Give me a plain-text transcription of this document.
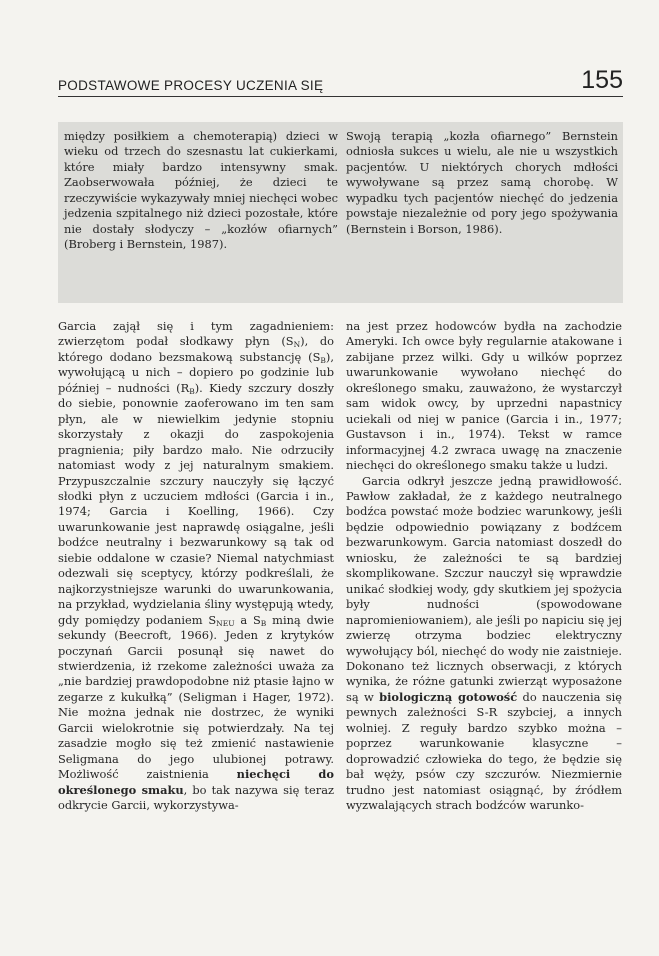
PODSTAWOWE PROCESY UCZENIA SIĘ	155

między posiłkiem a chemoterapią) dzieci w wieku od trzech do szesnastu lat cukierkami, które miały bardzo intensywny smak. Zaobserwowała później, że dzieci te rzeczywiście wykazywały mniej niechęci wobec jedzenia szpitalnego niż dzieci pozostałe, które nie dostały słodyczy – „kozłów ofiarnych” (Broberg i Bernstein, 1987).

Swoją terapią „kozła ofiarnego” Bernstein odniosła sukces u wielu, ale nie u wszystkich pacjentów. U niektórych chorych mdłości wywoływane są przez samą chorobę. W wypadku tych pacjentów niechęć do jedzenia powstaje niezależnie od pory jego spożywania (Bernstein i Borson, 1986).

Garcia zajął się i tym zagadnieniem: zwierzętom podał słodkawy płyn $(S_N)$, do którego dodano bezsmakową substancję $(S_B)$, wywołującą u nich – dopiero po godzinie lub później – nudności $(R_B)$. Kiedy szczury doszły do siebie, ponownie zaoferowano im ten sam płyn, ale w niewielkim jedynie stopniu skorzystały z okazji do zaspokojenia pragnienia; piły bardzo mało. Nie odrzuciły natomiast wody z jej naturalnym smakiem. Przypuszczalnie szczury nauczyły się łączyć słodki płyn z uczuciem mdłości (Garcia i in., 1974; Garcia i Koelling, 1966). Czy uwarunkowanie jest naprawdę osiągalne, jeśli bodźce neutralny i bezwarunkowy są tak od siebie oddalone w czasie? Niemal natychmiast odezwali się sceptycy, którzy podkreślali, że najkorzystniejsze warunki do uwarunkowania, na przykład, wydzielania śliny występują wtedy, gdy pomiędzy podaniem $S_{NEU}$ a $S_B$ miną dwie sekundy (Beecroft, 1966). Jeden z krytyków poczynań Garcii posunął się nawet do stwierdzenia, iż rzekome zależności uważa za „nie bardziej prawdopodobne niż ptasie łajno w zegarze z kukułką” (Seligman i Hager, 1972). Nie można jednak nie dostrzec, że wyniki Garcii wielokrotnie się potwierdzały. Na tej zasadzie mogło się też zmienić nastawienie Seligmana do jego ulubionej potrawy. Możliwość zaistnienia niechęci do określonego smaku, bo tak nazywa się teraz odkrycie Garcii, wykorzystywa-

na jest przez hodowców bydła na zachodzie Ameryki. Ich owce były regularnie atakowane i zabijane przez wilki. Gdy u wilków poprzez uwarunkowanie wywołano niechęć do określonego smaku, zauważono, że wystarczył sam widok owcy, by uprzedni napastnicy uciekali od niej w panice (Garcia i in., 1977; Gustavson i in., 1974). Tekst w ramce informacyjnej 4.2 zwraca uwagę na znaczenie niechęci do określonego smaku także u ludzi.

Garcia odkrył jeszcze jedną prawidłowość. Pawłow zakładał, że z każdego neutralnego bodźca powstać może bodziec warunkowy, jeśli będzie odpowiednio powiązany z bodźcem bezwarunkowym. Garcia natomiast doszedł do wniosku, że zależności te są bardziej skomplikowane. Szczur nauczył się wprawdzie unikać słodkiej wody, gdy skutkiem jej spożycia były nudności (spowodowane napromieniowaniem), ale jeśli po napiciu się jej zwierzę otrzyma bodziec elektryczny wywołujący ból, niechęć do wody nie zaistnieje. Dokonano też licznych obserwacji, z których wynika, że różne gatunki zwierząt wyposażone są w biologiczną gotowość do nauczenia się pewnych zależności S-R szybciej, a innych wolniej. Z reguły bardzo szybko można – poprzez warunkowanie klasyczne – doprowadzić człowieka do tego, że będzie się bał węży, psów czy szczurów. Niezmiernie trudno jest natomiast osiągnąć, by źródłem wyzwalających strach bodźców warunko-
